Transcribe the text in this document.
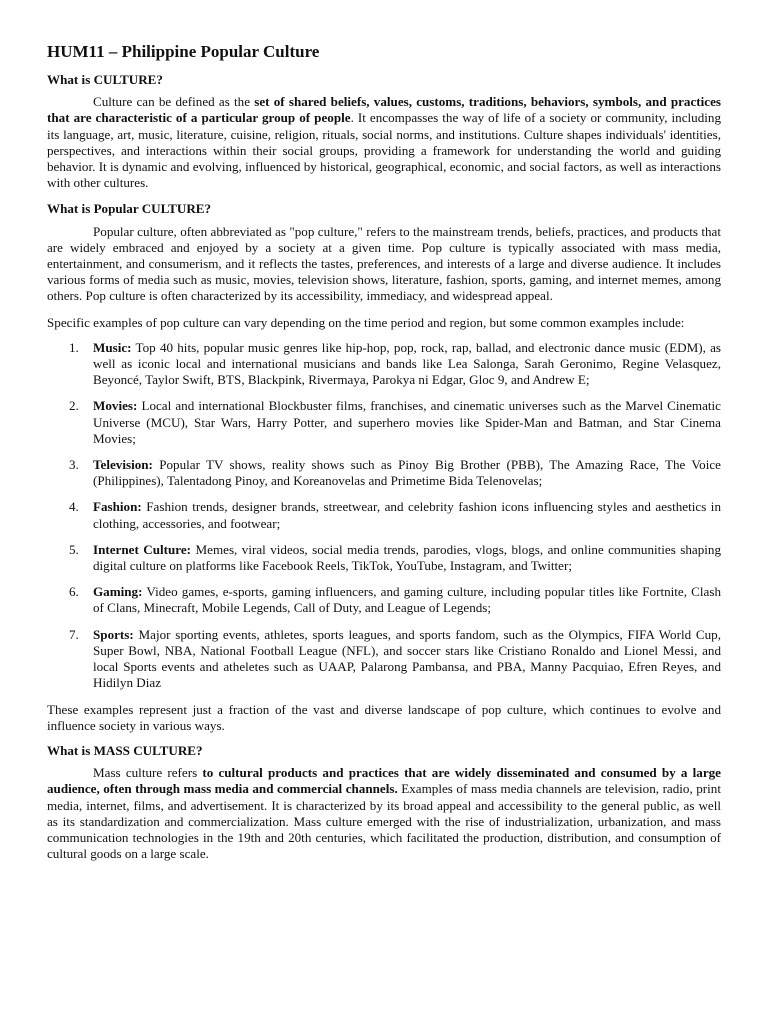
HUM11 – Philippine Popular Culture
What is CULTURE?

Culture can be defined as the set of shared beliefs, values, customs, traditions, behaviors, symbols, and practices that are characteristic of a particular group of people. It encompasses the way of life of a society or community, including its language, art, music, literature, cuisine, religion, rituals, social norms, and institutions. Culture shapes individuals' identities, perspectives, and interactions within their social groups, providing a framework for understanding the world and guiding behavior. It is dynamic and evolving, influenced by historical, geographical, economic, and social factors, as well as interactions with other cultures.

What is Popular CULTURE?

Popular culture, often abbreviated as "pop culture," refers to the mainstream trends, beliefs, practices, and products that are widely embraced and enjoyed by a society at a given time. Pop culture is typically associated with mass media, entertainment, and consumerism, and it reflects the tastes, preferences, and interests of a large and diverse audience. It includes various forms of media such as music, movies, television shows, literature, fashion, sports, gaming, and internet memes, among others. Pop culture is often characterized by its accessibility, immediacy, and widespread appeal.

Specific examples of pop culture can vary depending on the time period and region, but some common examples include:

1. Music: Top 40 hits, popular music genres like hip-hop, pop, rock, rap, ballad, and electronic dance music (EDM), as well as iconic local and international musicians and bands like Lea Salonga, Sarah Geronimo, Regine Velasquez, Beyoncé, Taylor Swift, BTS, Blackpink, Rivermaya, Parokya ni Edgar, Gloc 9, and Andrew E;
2. Movies: Local and international Blockbuster films, franchises, and cinematic universes such as the Marvel Cinematic Universe (MCU), Star Wars, Harry Potter, and superhero movies like Spider-Man and Batman, and Star Cinema Movies;
3. Television: Popular TV shows, reality shows such as Pinoy Big Brother (PBB), The Amazing Race, The Voice (Philippines), Talentadong Pinoy, and Koreanovelas and Primetime Bida Telenovelas;
4. Fashion: Fashion trends, designer brands, streetwear, and celebrity fashion icons influencing styles and aesthetics in clothing, accessories, and footwear;
5. Internet Culture: Memes, viral videos, social media trends, parodies, vlogs, blogs, and online communities shaping digital culture on platforms like Facebook Reels, TikTok, YouTube, Instagram, and Twitter;
6. Gaming: Video games, e-sports, gaming influencers, and gaming culture, including popular titles like Fortnite, Clash of Clans, Minecraft, Mobile Legends, Call of Duty, and League of Legends;
7. Sports: Major sporting events, athletes, sports leagues, and sports fandom, such as the Olympics, FIFA World Cup, Super Bowl, NBA, National Football League (NFL), and soccer stars like Cristiano Ronaldo and Lionel Messi, and local Sports events and atheletes such as UAAP, Palarong Pambansa, and PBA, Manny Pacquiao, Efren Reyes, and Hidilyn Diaz

These examples represent just a fraction of the vast and diverse landscape of pop culture, which continues to evolve and influence society in various ways.

What is MASS CULTURE?

Mass culture refers to cultural products and practices that are widely disseminated and consumed by a large audience, often through mass media and commercial channels. Examples of mass media channels are television, radio, print media, internet, films, and advertisement. It is characterized by its broad appeal and accessibility to the general public, as well as its standardization and commercialization. Mass culture emerged with the rise of industrialization, urbanization, and mass communication technologies in the 19th and 20th centuries, which facilitated the production, distribution, and consumption of cultural goods on a large scale.
